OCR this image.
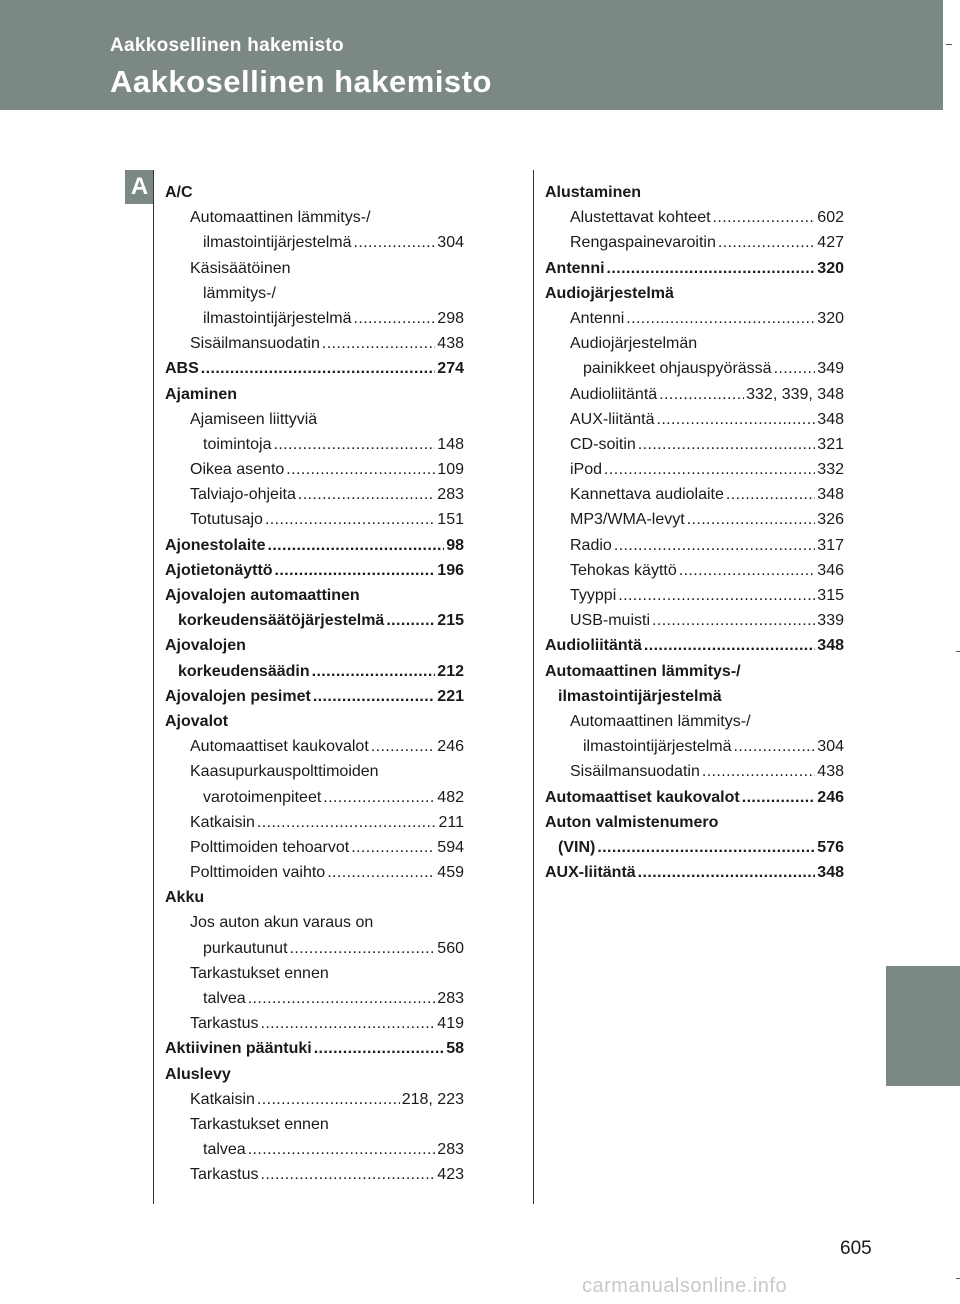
Aakkosellinen hakemisto
Aakkosellinen hakemisto
A	A/C
Automaattinen lämmitys-/
ilmastointijärjestelmä .....	304
Käsisäätöinen
lämmitys-/
ilmastointijärjestelmä .....	298
Sisäilmansuodatin .....	438
ABS .....	274
Ajaminen
Ajamiseen liittyviä
toimintoja .....	148
Oikea asento .....	109
Talviajo-ohjeita .....	283
Totutusajo .....	151
Ajonestolaite .....	98
Ajotietonäyttö .....	196
Ajovalojen automaattinen
korkeudensäätöjärjestelmä .....	215
Ajovalojen
korkeudensäädin .....	212
Ajovalojen pesimet .....	221
Ajovalot
Automaattiset kaukovalot .....	246
Kaasupurkauspolttimoiden
varotoimenpiteet .....	482
Katkaisin .....	211
Polttimoiden tehoarvot .....	594
Polttimoiden vaihto .....	459
Akku
Jos auton akun varaus on
purkautunut .....	560
Tarkastukset ennen
talvea .....	283
Tarkastus .....	419
Aktiivinen pääntuki .....	58
Aluslevy
Katkaisin .....	218, 223
Tarkastukset ennen
talvea .....	283
Tarkastus .....	423
Alustaminen
Alustettavat kohteet .....	602
Rengaspainevaroitin .....	427
Antenni .....	320
Audiojärjestelmä
Antenni .....	320
Audiojärjestelmän
painikkeet ohjauspyörässä .....	349
Audioliitäntä .....	332, 339, 348
AUX-liitäntä .....	348
CD-soitin .....	321
iPod .....	332
Kannettava audiolaite .....	348
MP3/WMA-levyt .....	326
Radio .....	317
Tehokas käyttö .....	346
Tyyppi .....	315
USB-muisti .....	339
Audioliitäntä .....	348
Automaattinen lämmitys-/
ilmastointijärjestelmä
Automaattinen lämmitys-/
ilmastointijärjestelmä .....	304
Sisäilmansuodatin .....	438
Automaattiset kaukovalot .....	246
Auton valmistenumero
(VIN) .....	576
AUX-liitäntä .....	348
605
carmanualsonline.info
